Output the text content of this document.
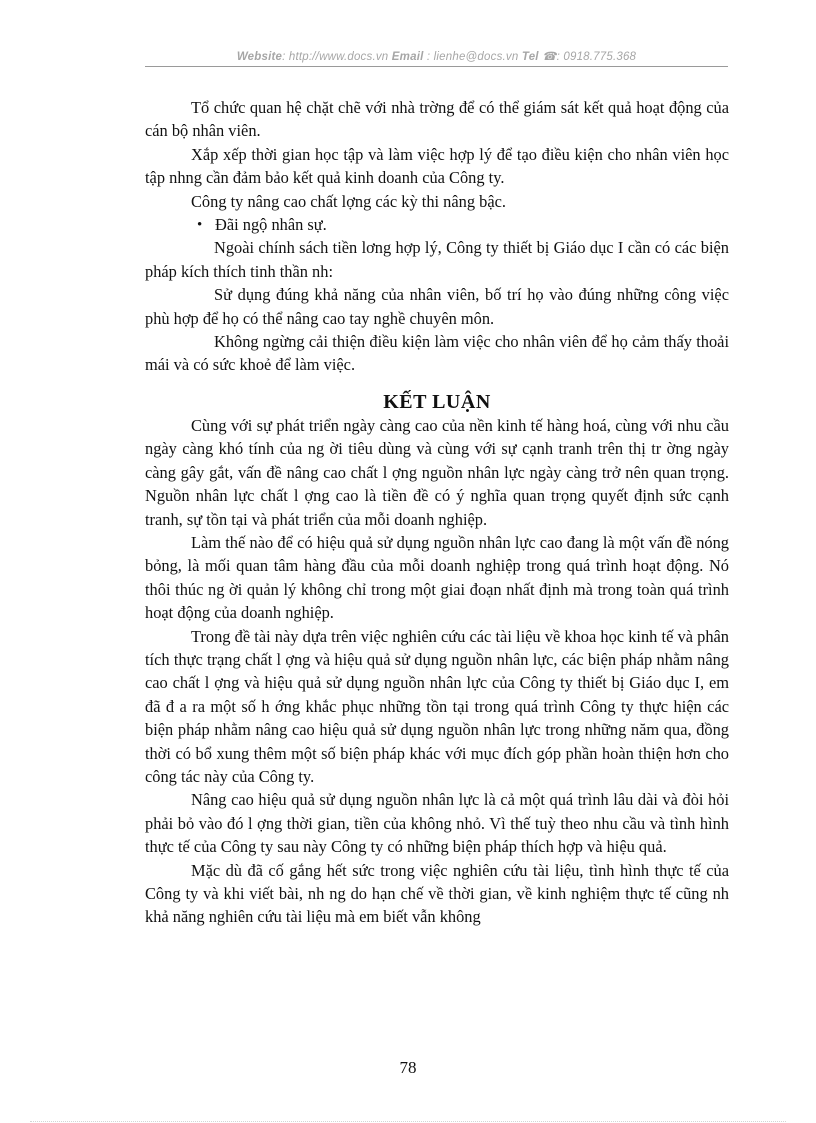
Website: http://www.docs.vn Email : lienhe@docs.vn Tel ☎: 0918.775.368

Tổ chức quan hệ chặt chẽ với nhà trờng để có thể giám sát kết quả hoạt động của cán bộ nhân viên.

Xắp xếp thời gian học tập và làm việc hợp lý để tạo điều kiện cho nhân viên học tập nhng cần đảm bảo kết quả kinh doanh của Công ty.

Công ty nâng cao chất lợng các kỳ thi nâng bậc.

• Đãi ngộ nhân sự.

Ngoài chính sách tiền lơng hợp lý, Công ty thiết bị Giáo dục I cần có các biện pháp kích thích tinh thần nh:

Sử dụng đúng khả năng của nhân viên, bố trí họ vào đúng những công việc phù hợp để họ có thể nâng cao tay nghề chuyên môn.

Không ngừng cải thiện điều kiện làm việc cho nhân viên để họ cảm thấy thoải mái và có sức khoẻ để làm việc.

KẾT LUẬN

Cùng với sự phát triển ngày càng cao của nền kinh tế hàng hoá, cùng với nhu cầu ngày càng khó tính của ng ời tiêu dùng và cùng với sự cạnh tranh trên thị tr ờng ngày càng gây gắt, vấn đề nâng cao chất l ợng nguồn nhân lực ngày càng trở nên quan trọng. Nguồn nhân lực chất l ợng cao là tiền đề có ý nghĩa quan trọng quyết định sức cạnh tranh, sự tồn tại và phát triển của mỗi doanh nghiệp.

Làm thế nào để có hiệu quả sử dụng nguồn nhân lực cao đang là một vấn đề nóng bỏng, là mối quan tâm hàng đầu của mỗi doanh nghiệp trong quá trình hoạt động. Nó thôi thúc ng ời quản lý không chỉ trong một giai đoạn nhất định mà trong toàn quá trình hoạt động của doanh nghiệp.

Trong đề tài này dựa trên việc nghiên cứu các tài liệu về khoa học kinh tế và phân tích thực trạng chất l ợng và hiệu quả sử dụng nguồn nhân lực, các biện pháp nhằm nâng cao chất l ợng và hiệu quả sử dụng nguồn nhân lực của Công ty thiết bị Giáo dục I, em đã đ a ra một số h ớng khắc phục những tồn tại trong quá trình Công ty thực hiện các biện pháp nhằm nâng cao hiệu quả sử dụng nguồn nhân lực trong những năm qua, đồng thời có bổ xung thêm một số biện pháp khác với mục đích góp phần hoàn thiện hơn cho công tác này của Công ty.

Nâng cao hiệu quả sử dụng nguồn nhân lực là cả một quá trình lâu dài và đòi hỏi phải bỏ vào đó l ợng thời gian, tiền của không nhỏ. Vì thế tuỳ theo nhu cầu và tình hình thực tế của Công ty sau này Công ty có những biện pháp thích hợp và hiệu quả.

Mặc dù đã cố gắng hết sức trong việc nghiên cứu tài liệu, tình hình thực tế của Công ty và khi viết bài, nh ng do hạn chế về thời gian, về kinh nghiệm thực tế cũng nh khả năng nghiên cứu tài liệu mà em biết vẫn không

78
